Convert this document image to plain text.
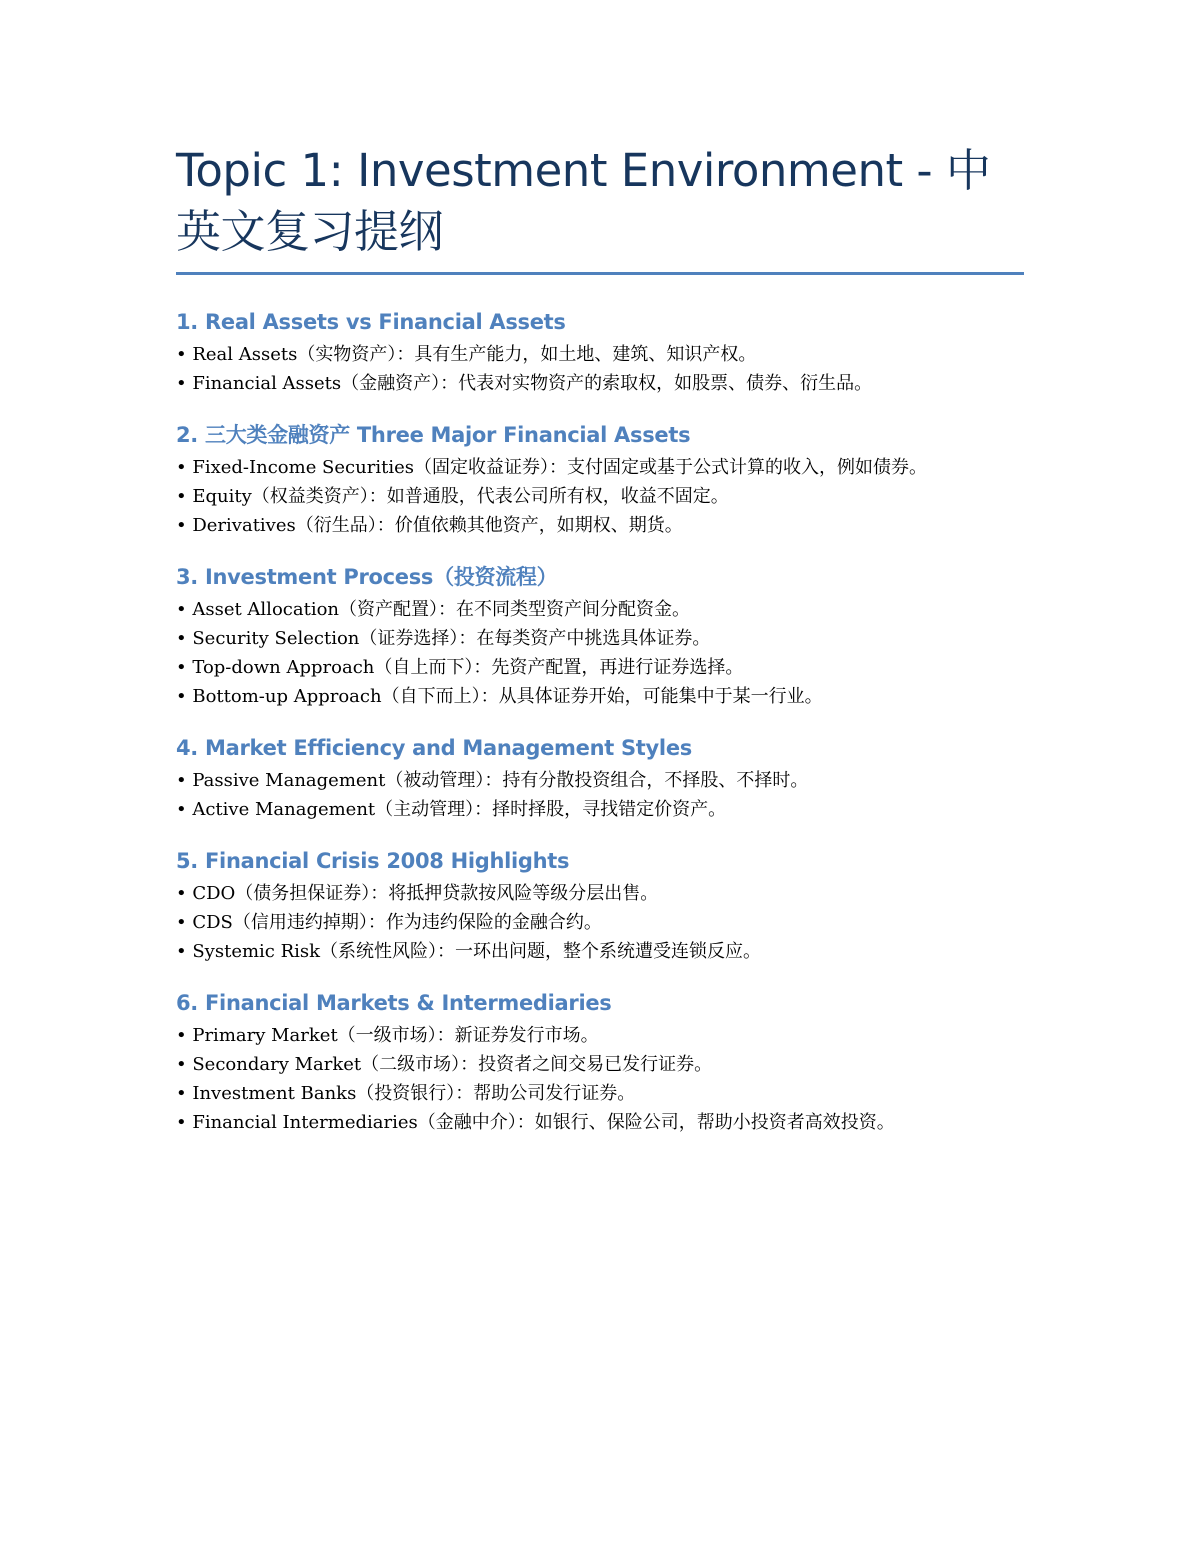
Topic 1: Investment Environment - 中英文复习提纲
1. Real Assets vs Financial Assets

• Real Assets（实物资产）：具有生产能力，如土地、建筑、知识产权。

• Financial Assets（金融资产）：代表对实物资产的索取权，如股票、债券、衍生品。

2. 三大类金融资产 Three Major Financial Assets

• Fixed-Income Securities（固定收益证券）：支付固定或基于公式计算的收入，例如债券。

• Equity（权益类资产）：如普通股，代表公司所有权，收益不固定。

• Derivatives（衍生品）：价值依赖其他资产，如期权、期货。

3. Investment Process（投资流程）

• Asset Allocation（资产配置）：在不同类型资产间分配资金。

• Security Selection（证券选择）：在每类资产中挑选具体证券。

• Top-down Approach（自上而下）：先资产配置，再进行证券选择。

• Bottom-up Approach（自下而上）：从具体证券开始，可能集中于某一行业。

4. Market Efficiency and Management Styles

• Passive Management（被动管理）：持有分散投资组合，不择股、不择时。

• Active Management（主动管理）：择时择股，寻找错定价资产。

5. Financial Crisis 2008 Highlights

• CDO（债务担保证券）：将抵押贷款按风险等级分层出售。

• CDS（信用违约掉期）：作为违约保险的金融合约。

• Systemic Risk（系统性风险）：一环出问题，整个系统遭受连锁反应。

6. Financial Markets & Intermediaries

• Primary Market（一级市场）：新证券发行市场。

• Secondary Market（二级市场）：投资者之间交易已发行证券。

• Investment Banks（投资银行）：帮助公司发行证券。

• Financial Intermediaries（金融中介）：如银行、保险公司，帮助小投资者高效投资。
